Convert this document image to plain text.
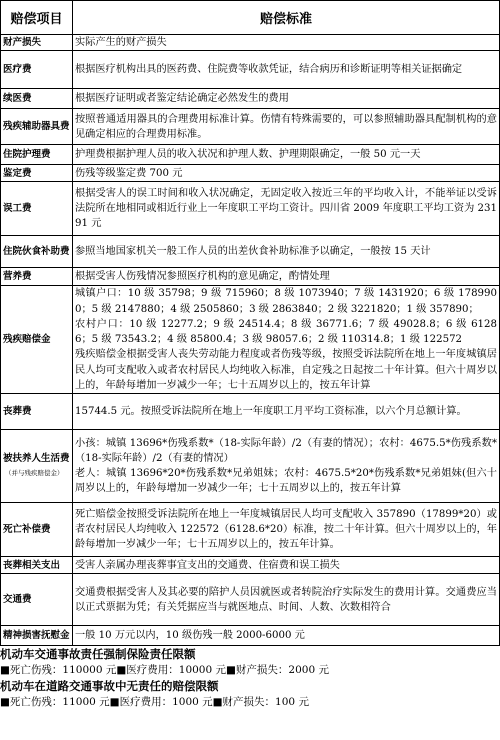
赔偿项目	赔偿标准
财产损失	实际产生的财产损失

医疗费	根据医疗机构出具的医药费、住院费等收款凭证，结合病历和诊断证明等相关证据确定

续医费	根据医疗证明或者鉴定结论确定必然发生的费用

残疾辅助器具费	按照普通适用器具的合理费用标准计算。伤情有特殊需要的，可以参照辅助器具配制机构的意见确定相应的合理费用标准。

住院护理费	护理费根据护理人员的收入状况和护理人数、护理期限确定，一般 50 元一天

鉴定费	伤残等级鉴定费 700 元

误工费	根据受害人的误工时间和收入状况确定，无固定收入按近三年的平均收入计，不能举证以受诉法院所在地相同或相近行业上一年度职工平均工资计。四川省 2009 年度职工平均工资为 23191 元

住院伙食补助费	参照当地国家机关一般工作人员的出差伙食补助标准予以确定，一般按 15 天计

营养费	根据受害人伤残情况参照医疗机构的意见确定，酌情处理

残疾赔偿金	城镇户口：10 级 35798；9 级 715960；8 级 1073940；7 级 1431920；6 级 1789900；5 级 2147880；4 级 2505860；3 级 2863840；2 级 3221820；1 级 357890；
农村户口：10 级 12277.2；9 级 24514.4；8 级 36771.6；7 级 49028.8；6 级 61286；5 级 73543.2；4 级 85800.4；3 级 98057.6；2 级 110314.8；1 级 122572
残疾赔偿金根据受害人丧失劳动能力程度或者伤残等级，按照受诉法院所在地上一年度城镇居民人均可支配收入或者农村居民人均纯收入标准，自定残之日起按二十年计算。但六十周岁以上的，年龄每增加一岁减少一年；七十五周岁以上的，按五年计算

丧葬费	15744.5 元。按照受诉法院所在地上一年度职工月平均工资标准，以六个月总额计算。

被扶养人生活费
（并与残疾赔偿金）	小孩：城镇 13696*伤残系数*（18-实际年龄）/2（有妻的情况）；农村：4675.5*伤残系数*（18-实际年龄）/2（有妻的情况）
老人：城镇 13696*20*伤残系数*兄弟姐妹；农村：4675.5*20*伤残系数*兄弟姐妹(但六十周岁以上的，年龄每增加一岁减少一年；七十五周岁以上的，按五年计算

死亡补偿费	死亡赔偿金按照受诉法院所在地上一年度城镇居民人均可支配收入 357890（17899*20）或者农村居民人均纯收入 122572（6128.6*20）标准，按二十年计算。但六十周岁以上的，年龄每增加一岁减少一年；七十五周岁以上的，按五年计算。

丧葬相关支出	受害人亲属办理丧葬事宜支出的交通费、住宿费和误工损失

交通费	交通费根据受害人及其必要的陪护人员因就医或者转院治疗实际发生的费用计算。交通费应当以正式票据为凭；有关凭据应当与就医地点、时间、人数、次数相符合

精神损害抚慰金	一般 10 万元以内，10 级伤残一般 2000-6000 元
机动车交通事故责任强制保险责任限额
■死亡伤残：110000 元■医疗费用：10000 元■财产损失：2000 元
机动车在道路交通事故中无责任的赔偿限额
■死亡伤残：11000 元■医疗费用：1000 元■财产损失：100 元
